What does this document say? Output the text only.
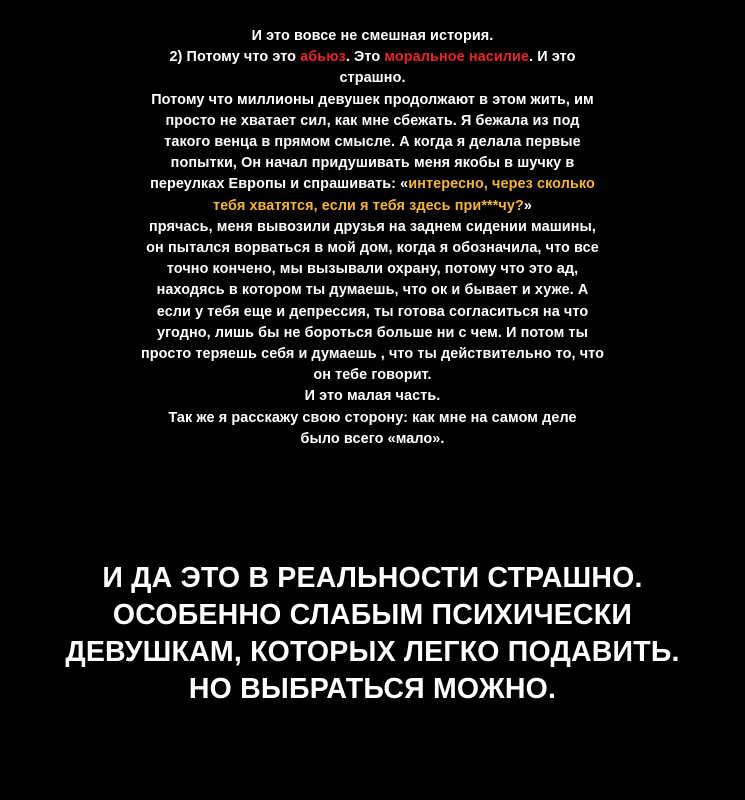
И это вовсе не смешная история.
2) Потому что это абьюз. Это моральное насилие. И это
страшно.
Потому что миллионы девушек продолжают в этом жить, им
просто не хватает сил, как мне сбежать. Я бежала из под
такого венца в прямом смысле. А когда я делала первые
попытки, Он начал придушивать меня якобы в шучку в
переулках Европы и спрашивать: «интересно, через сколько
тебя хватятся, если я тебя здесь при***чу?»
прячась, меня вывозили друзья на заднем сидении машины,
он пытался ворваться в мой дом, когда я обозначила, что все
точно кончено, мы вызывали охрану, потому что это ад,
находясь в котором ты думаешь, что ок и бывает и хуже. А
если у тебя еще и депрессия, ты готова согласиться на что
угодно, лишь бы не бороться больше ни с чем. И потом ты
просто теряешь себя и думаешь , что ты действительно то, что
он тебе говорит.
И это малая часть.
Так же я расскажу свою сторону: как мне на самом деле
было всего «мало».
И ДА ЭТО В РЕАЛЬНОСТИ СТРАШНО.
ОСОБЕННО СЛАБЫМ ПСИХИЧЕСКИ
ДЕВУШКАМ, КОТОРЫХ ЛЕГКО ПОДАВИТЬ.
НО ВЫБРАТЬСЯ МОЖНО.
